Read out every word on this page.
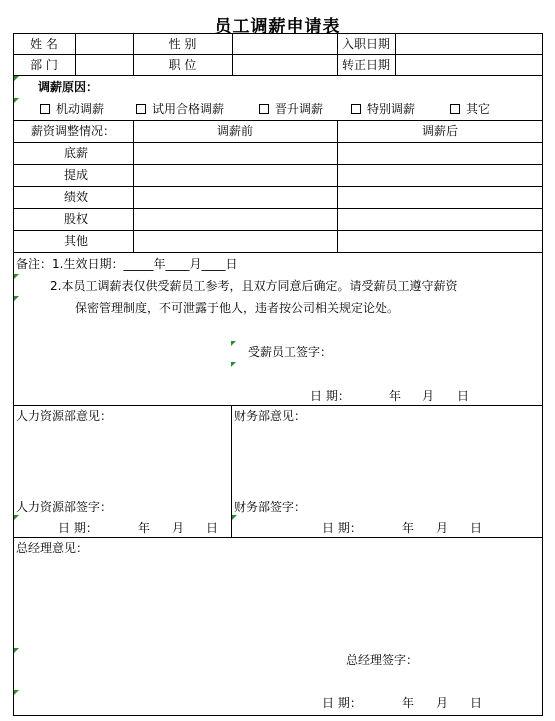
员工调薪申请表
姓 名	性 别	入职日期
部 门	职 位	转正日期
调薪原因：
机动调薪	试用合格调薪	晋升调薪	特别调薪	其它
薪资调整情况：	调薪前	调薪后
底薪
提成
绩效
股权
其他
备注：1.生效日期：_____年____月____日
2.本员工调薪表仅供受薪员工参考，且双方同意后确定。请受薪员工遵守薪资
保密管理制度，不可泄露于他人，违者按公司相关规定论处。
受薪员工签字：
日 期：	年 月 日
人力资源部意见：	财务部意见：
人力资源部签字：	财务部签字：
日 期：	年 月 日	日 期：	年 月 日
总经理意见：
总经理签字：
日 期：	年 月 日
